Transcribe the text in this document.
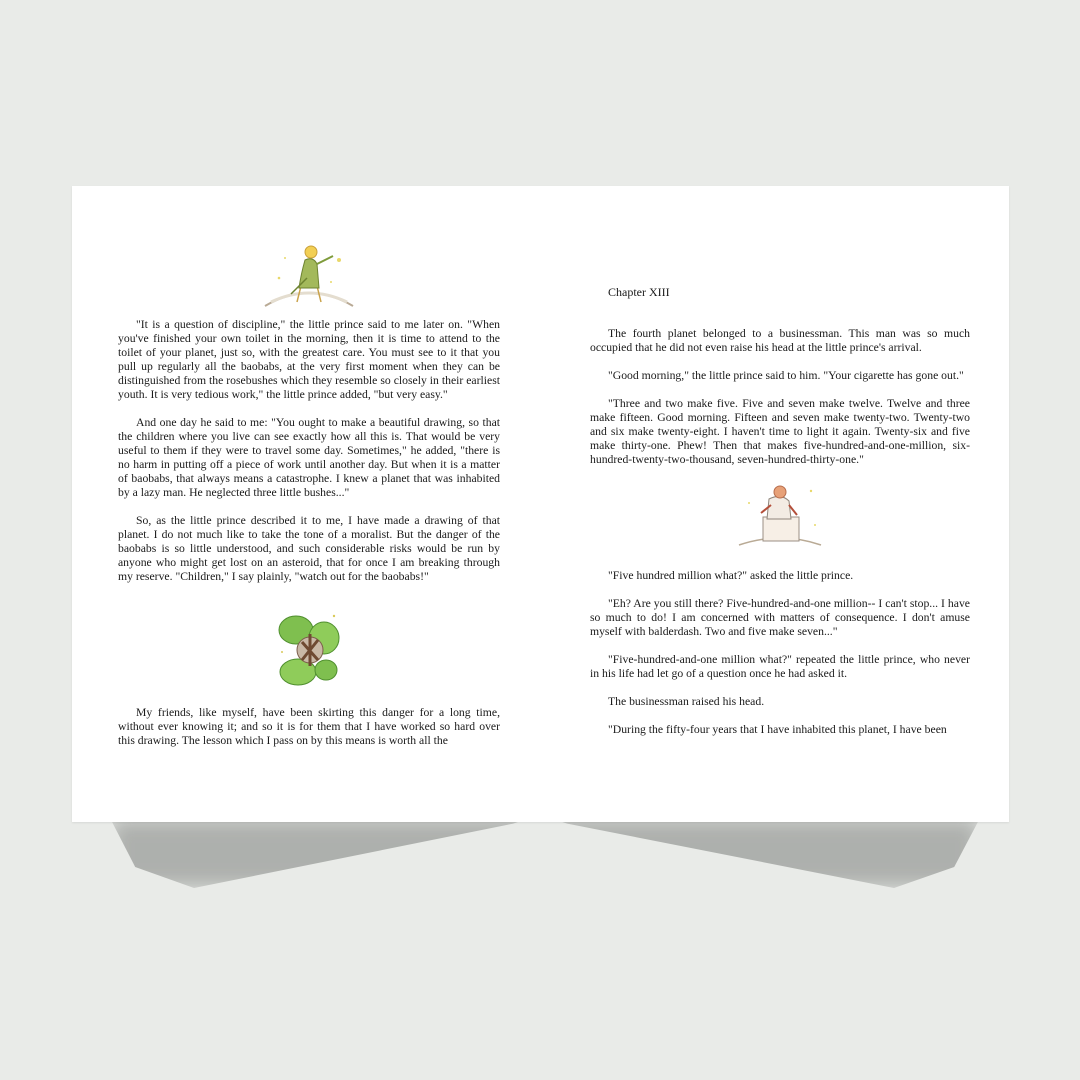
"It is a question of discipline," the little prince said to me later on. "When you've finished your own toilet in the morning, then it is time to attend to the toilet of your planet, just so, with the greatest care. You must see to it that you pull up regularly all the baobabs, at the very first moment when they can be distinguished from the rosebushes which they resemble so closely in their earliest youth. It is very tedious work," the little prince added, "but very easy."

And one day he said to me: "You ought to make a beautiful drawing, so that the children where you live can see exactly how all this is. That would be very useful to them if they were to travel some day. Sometimes," he added, "there is no harm in putting off a piece of work until another day. But when it is a matter of baobabs, that always means a catastrophe. I knew a planet that was inhabited by a lazy man. He neglected three little bushes..."

So, as the little prince described it to me, I have made a drawing of that planet. I do not much like to take the tone of a moralist. But the danger of the baobabs is so little understood, and such considerable risks would be run by anyone who might get lost on an asteroid, that for once I am breaking through my reserve. "Children," I say plainly, "watch out for the baobabs!"

My friends, like myself, have been skirting this danger for a long time, without ever knowing it; and so it is for them that I have worked so hard over this drawing. The lesson which I pass on by this means is worth all the

Chapter XIII

The fourth planet belonged to a businessman. This man was so much occupied that he did not even raise his head at the little prince's arrival.

"Good morning," the little prince said to him. "Your cigarette has gone out."

"Three and two make five. Five and seven make twelve. Twelve and three make fifteen. Good morning. Fifteen and seven make twenty-two. Twenty-two and six make twenty-eight. I haven't time to light it again. Twenty-six and five make thirty-one. Phew! Then that makes five-hundred-and-one-million, six-hundred-twenty-two-thousand, seven-hundred-thirty-one."

"Five hundred million what?" asked the little prince.

"Eh? Are you still there? Five-hundred-and-one million-- I can't stop... I have so much to do! I am concerned with matters of consequence. I don't amuse myself with balderdash. Two and five make seven..."

"Five-hundred-and-one million what?" repeated the little prince, who never in his life had let go of a question once he had asked it.

The businessman raised his head.

"During the fifty-four years that I have inhabited this planet, I have been
